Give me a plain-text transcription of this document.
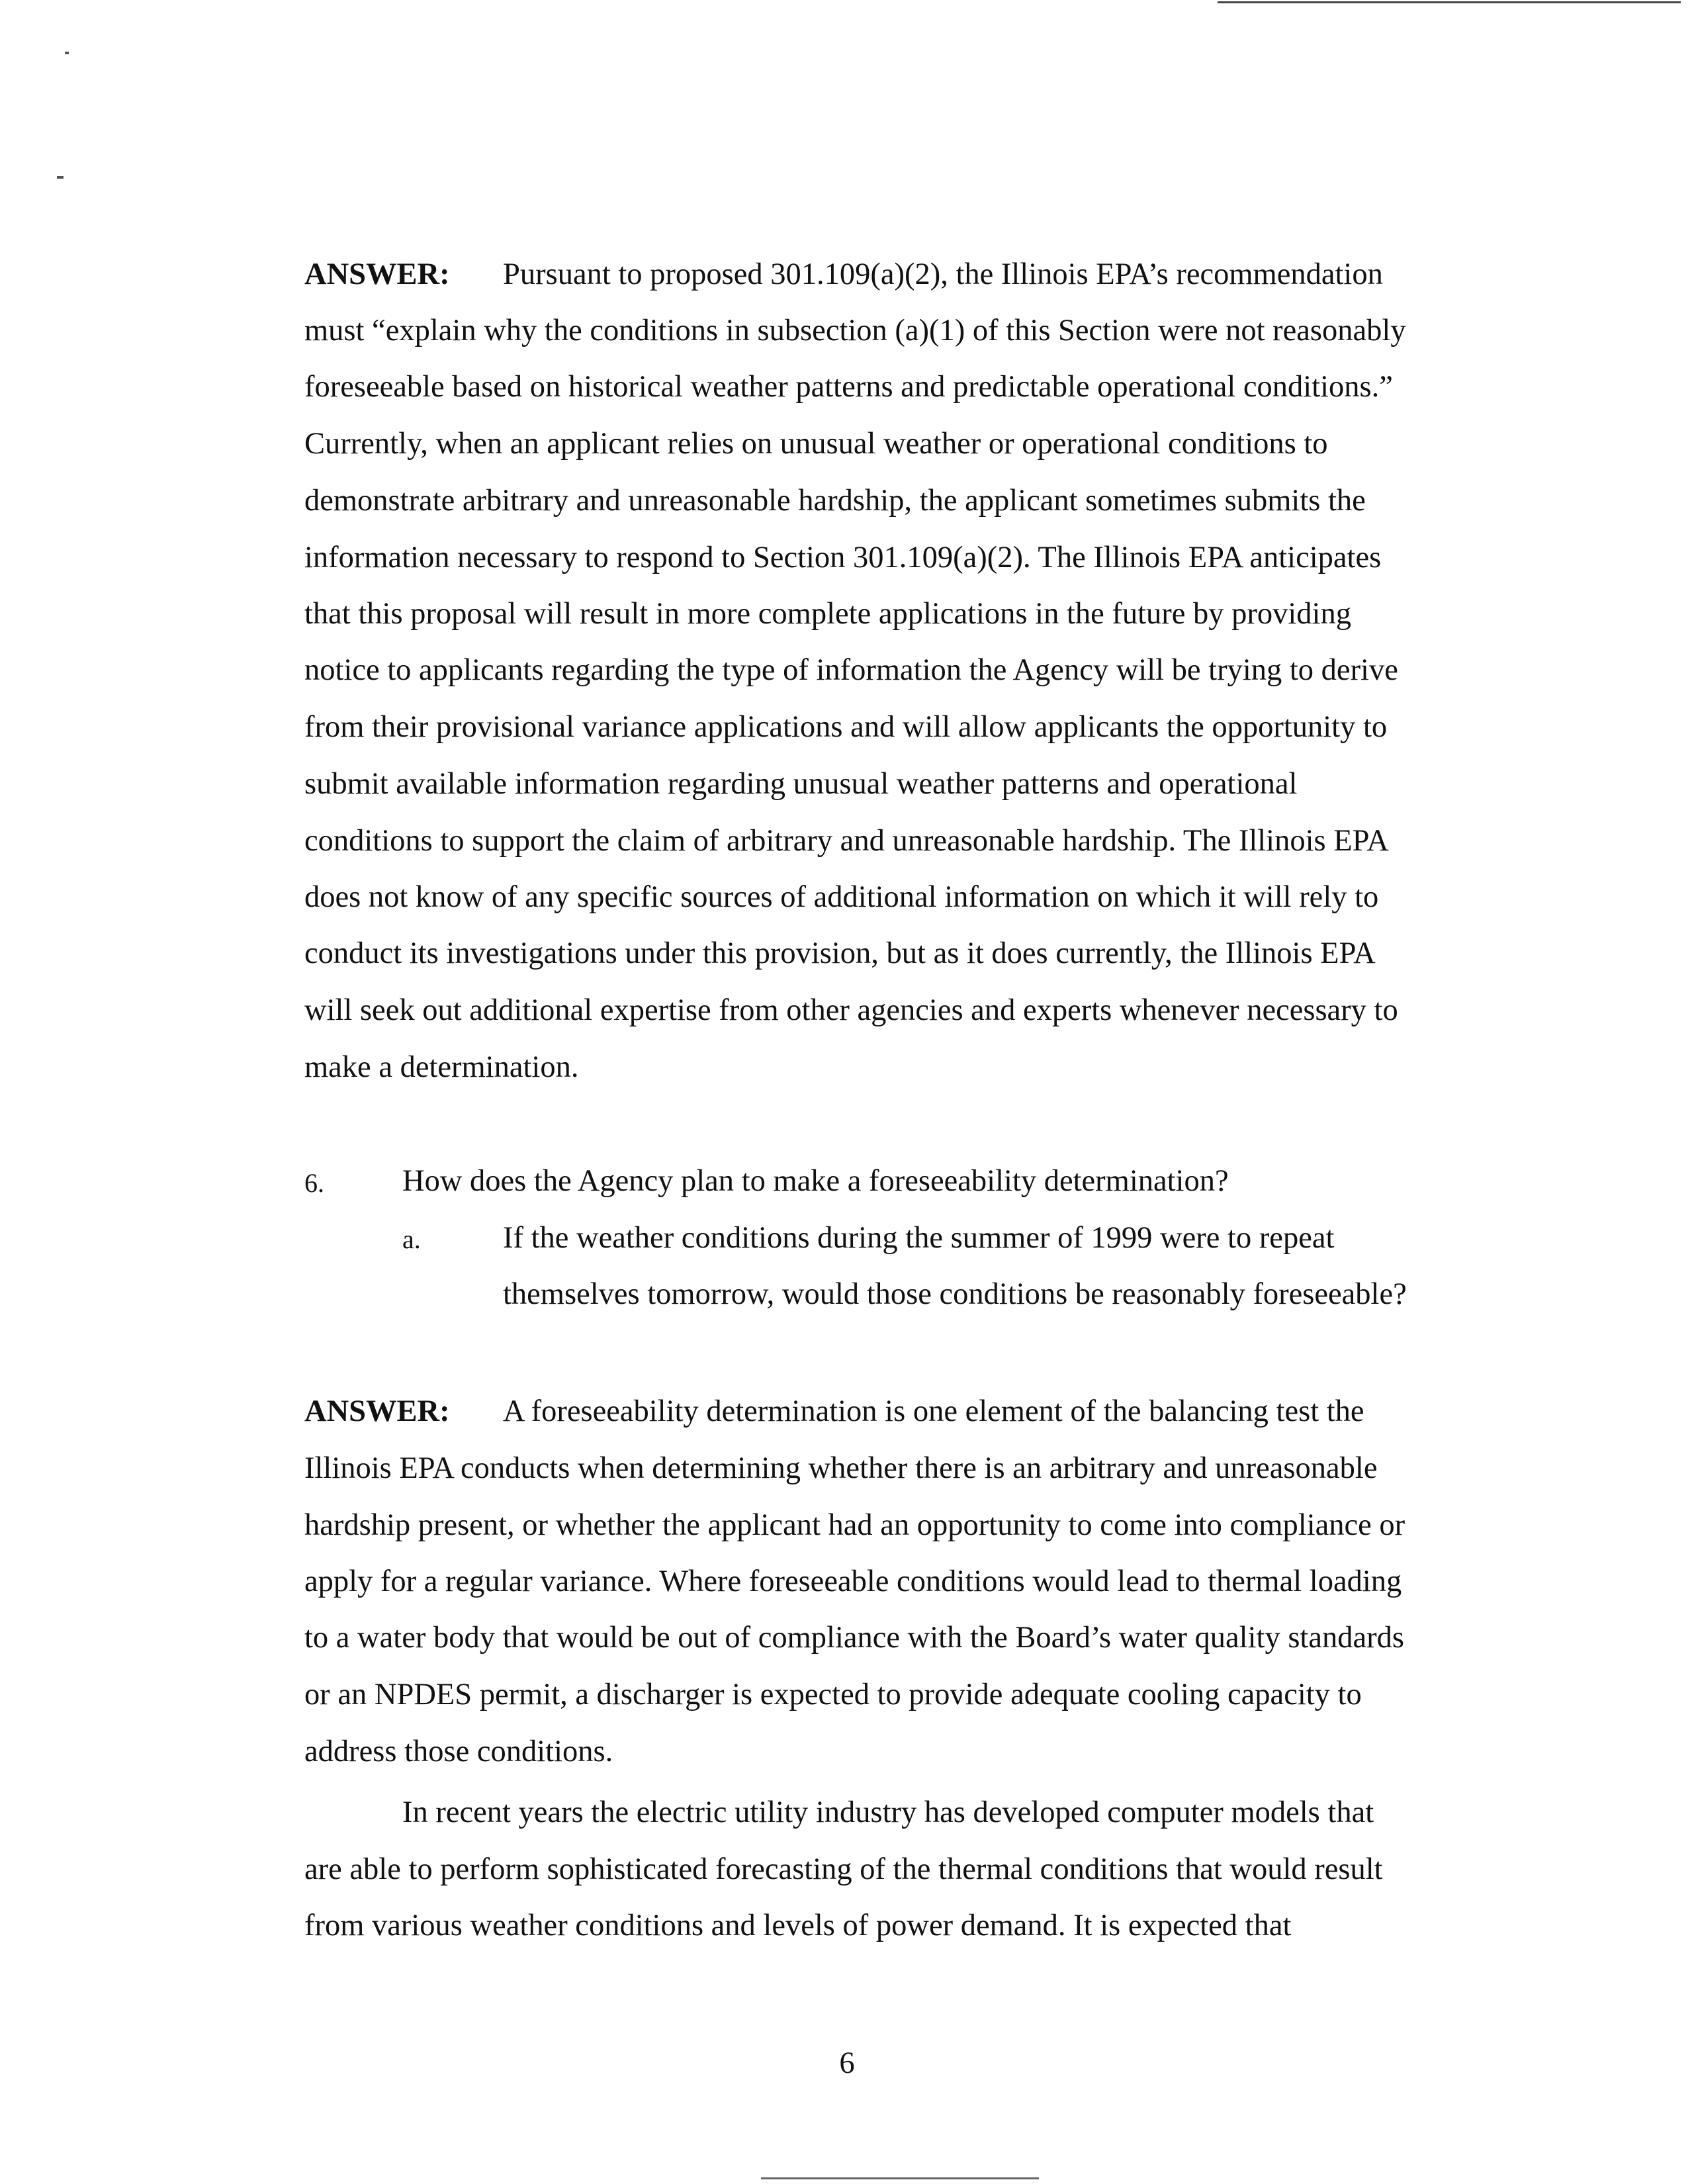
ANSWER: Pursuant to proposed 301.109(a)(2), the Illinois EPA’s recommendation
must “explain why the conditions in subsection (a)(1) of this Section were not reasonably
foreseeable based on historical weather patterns and predictable operational conditions.”
Currently, when an applicant relies on unusual weather or operational conditions to
demonstrate arbitrary and unreasonable hardship, the applicant sometimes submits the
information necessary to respond to Section 301.109(a)(2). The Illinois EPA anticipates
that this proposal will result in more complete applications in the future by providing
notice to applicants regarding the type of information the Agency will be trying to derive
from their provisional variance applications and will allow applicants the opportunity to
submit available information regarding unusual weather patterns and operational
conditions to support the claim of arbitrary and unreasonable hardship. The Illinois EPA
does not know of any specific sources of additional information on which it will rely to
conduct its investigations under this provision, but as it does currently, the Illinois EPA
will seek out additional expertise from other agencies and experts whenever necessary to
make a determination.
6.	How does the Agency plan to make a foreseeability determination?
a.	If the weather conditions during the summer of 1999 were to repeat
themselves tomorrow, would those conditions be reasonably foreseeable?
ANSWER: A foreseeability determination is one element of the balancing test the
Illinois EPA conducts when determining whether there is an arbitrary and unreasonable
hardship present, or whether the applicant had an opportunity to come into compliance or
apply for a regular variance. Where foreseeable conditions would lead to thermal loading
to a water body that would be out of compliance with the Board’s water quality standards
or an NPDES permit, a discharger is expected to provide adequate cooling capacity to
address those conditions.
In recent years the electric utility industry has developed computer models that
are able to perform sophisticated forecasting of the thermal conditions that would result
from various weather conditions and levels of power demand. It is expected that
6
